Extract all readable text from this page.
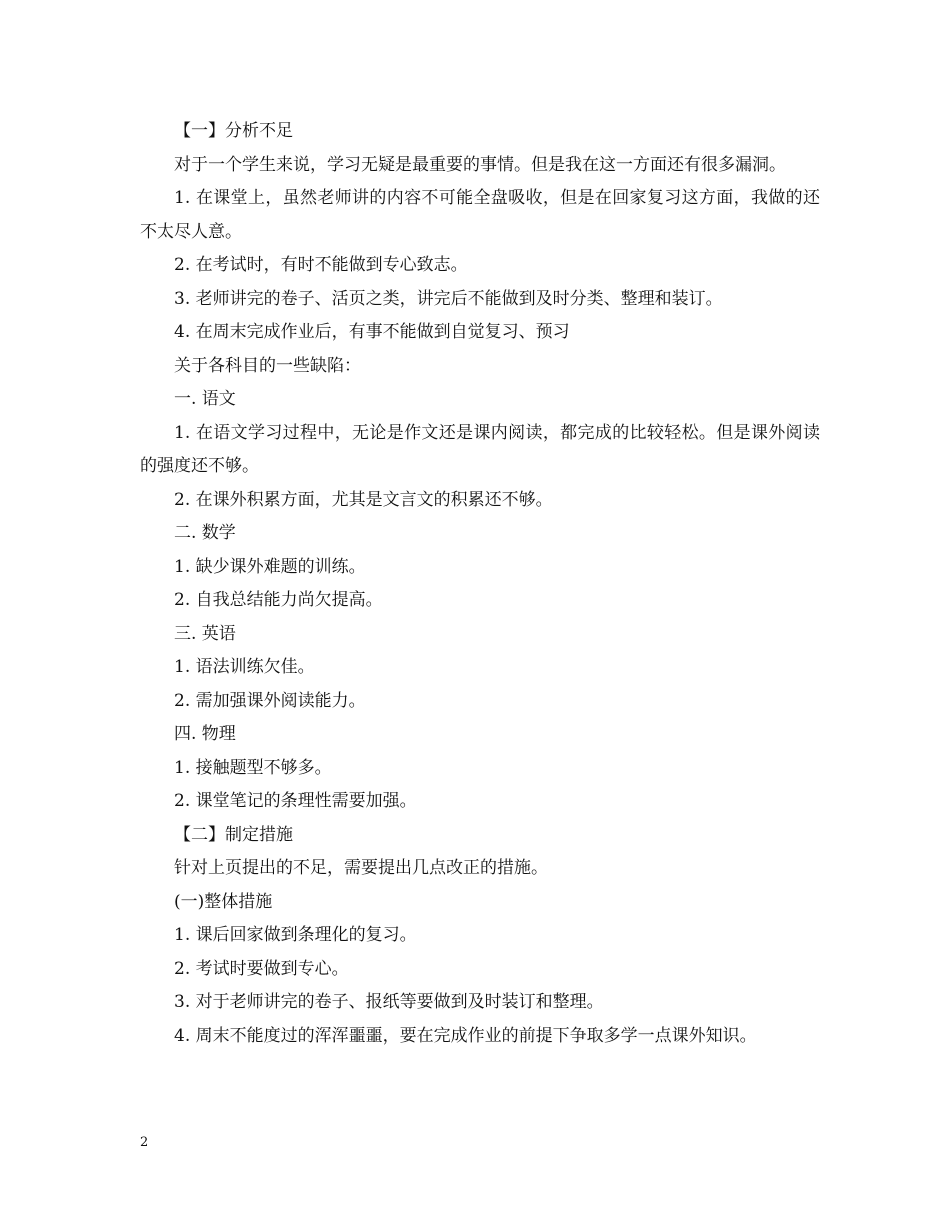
【一】分析不足

对于一个学生来说，学习无疑是最重要的事情。但是我在这一方面还有很多漏洞。

1. 在课堂上，虽然老师讲的内容不可能全盘吸收，但是在回家复习这方面，我做的还不太尽人意。

2. 在考试时，有时不能做到专心致志。

3. 老师讲完的卷子、活页之类，讲完后不能做到及时分类、整理和装订。

4. 在周末完成作业后，有事不能做到自觉复习、预习

关于各科目的一些缺陷：

一. 语文

1. 在语文学习过程中，无论是作文还是课内阅读，都完成的比较轻松。但是课外阅读的强度还不够。

2. 在课外积累方面，尤其是文言文的积累还不够。

二. 数学

1. 缺少课外难题的训练。

2. 自我总结能力尚欠提高。

三. 英语

1. 语法训练欠佳。

2. 需加强课外阅读能力。

四. 物理

1. 接触题型不够多。

2. 课堂笔记的条理性需要加强。

【二】制定措施

针对上页提出的不足，需要提出几点改正的措施。

(一)整体措施

1. 课后回家做到条理化的复习。

2. 考试时要做到专心。

3. 对于老师讲完的卷子、报纸等要做到及时装订和整理。

4. 周末不能度过的浑浑噩噩，要在完成作业的前提下争取多学一点课外知识。

2
